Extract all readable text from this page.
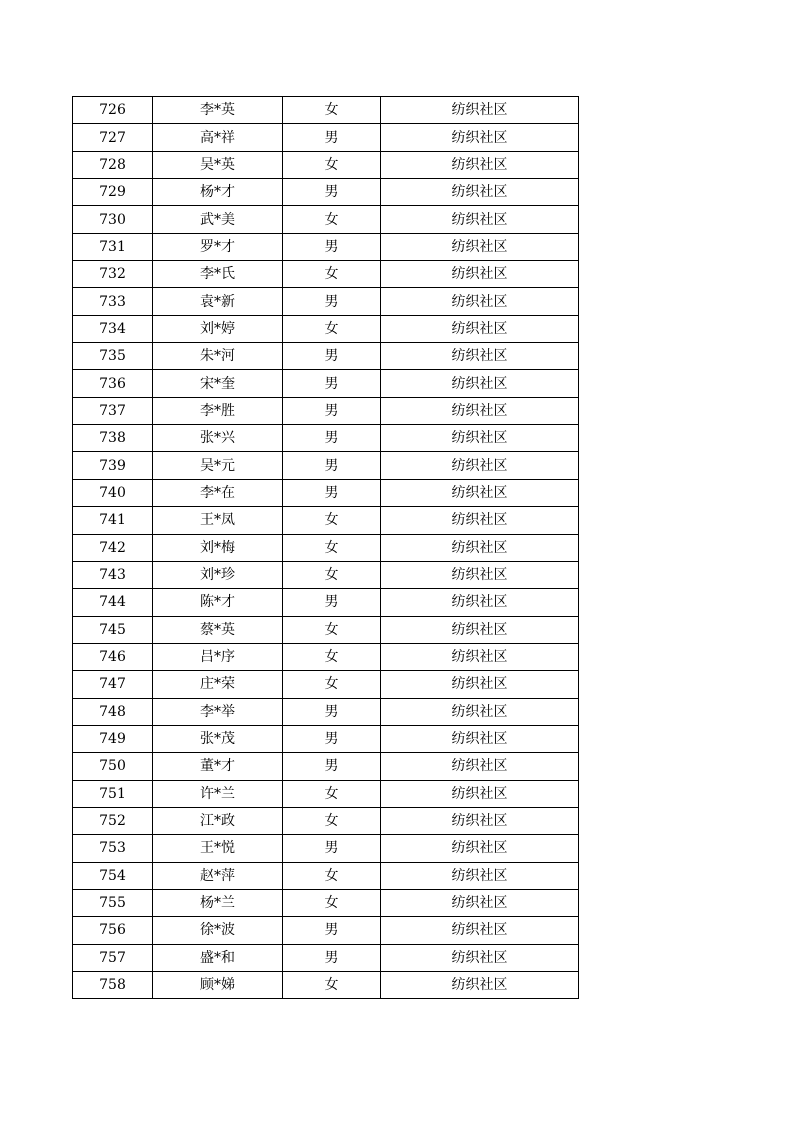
726	李*英	女	纺织社区
727	高*祥	男	纺织社区
728	吴*英	女	纺织社区
729	杨*才	男	纺织社区
730	武*美	女	纺织社区
731	罗*才	男	纺织社区
732	李*氏	女	纺织社区
733	袁*新	男	纺织社区
734	刘*婷	女	纺织社区
735	朱*河	男	纺织社区
736	宋*奎	男	纺织社区
737	李*胜	男	纺织社区
738	张*兴	男	纺织社区
739	吴*元	男	纺织社区
740	李*在	男	纺织社区
741	王*凤	女	纺织社区
742	刘*梅	女	纺织社区
743	刘*珍	女	纺织社区
744	陈*才	男	纺织社区
745	蔡*英	女	纺织社区
746	吕*序	女	纺织社区
747	庄*荣	女	纺织社区
748	李*举	男	纺织社区
749	张*茂	男	纺织社区
750	董*才	男	纺织社区
751	许*兰	女	纺织社区
752	江*政	女	纺织社区
753	王*悦	男	纺织社区
754	赵*萍	女	纺织社区
755	杨*兰	女	纺织社区
756	徐*波	男	纺织社区
757	盛*和	男	纺织社区
758	顾*娣	女	纺织社区
